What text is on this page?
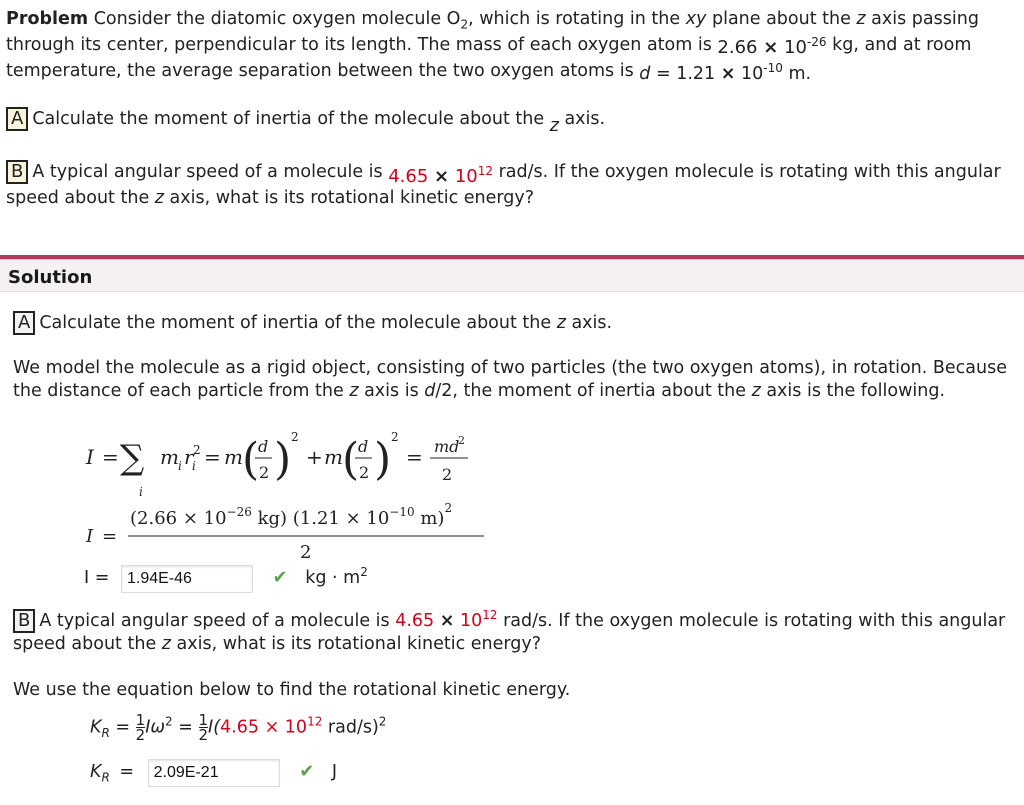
Problem Consider the diatomic oxygen molecule $O_2$, which is rotating in the xy plane about the z axis passing through its center, perpendicular to its length. The mass of each oxygen atom is $2.66 \times 10^{-26}$ kg, and at room temperature, the average separation between the two oxygen atoms is $d = 1.21 \times 10^{-10}$ m.

A Calculate the moment of inertia of the molecule about the z axis.
B A typical angular speed of a molecule is $4.65 \times 10^{12}$ rad/s. If the oxygen molecule is rotating with this angular speed about the z axis, what is its rotational kinetic energy?
Solution
A Calculate the moment of inertia of the molecule about the z axis.
We model the molecule as a rigid object, consisting of two particles (the two oxygen atoms), in rotation. Because the distance of each particle from the z axis is d/2, the moment of inertia about the z axis is the following.
I = ∑
i
m i r
i
2 = m (
d
2 ) 2
+ m (
d
2 ) 2
= md
2
2
I =
($2.66 \times 10^{-26}$ kg) ($1.21 \times 10^{-10}$ m)$^2$
2
I = 1.94E-46	✔ kg · $m^2$
B A typical angular speed of a molecule is $4.65 \times 10^{12}$ rad/s. If the oxygen molecule is rotating with this angular speed about the z axis, what is its rotational kinetic energy?
We use the equation below to find the rotational kinetic energy.
$K_R = \frac{1}{2}I\omega^2 = \frac{1}{2}I(4.65 \times 10^{12}$ rad/s)$^2$
$K_R = 2.09E-21$	✔ J
